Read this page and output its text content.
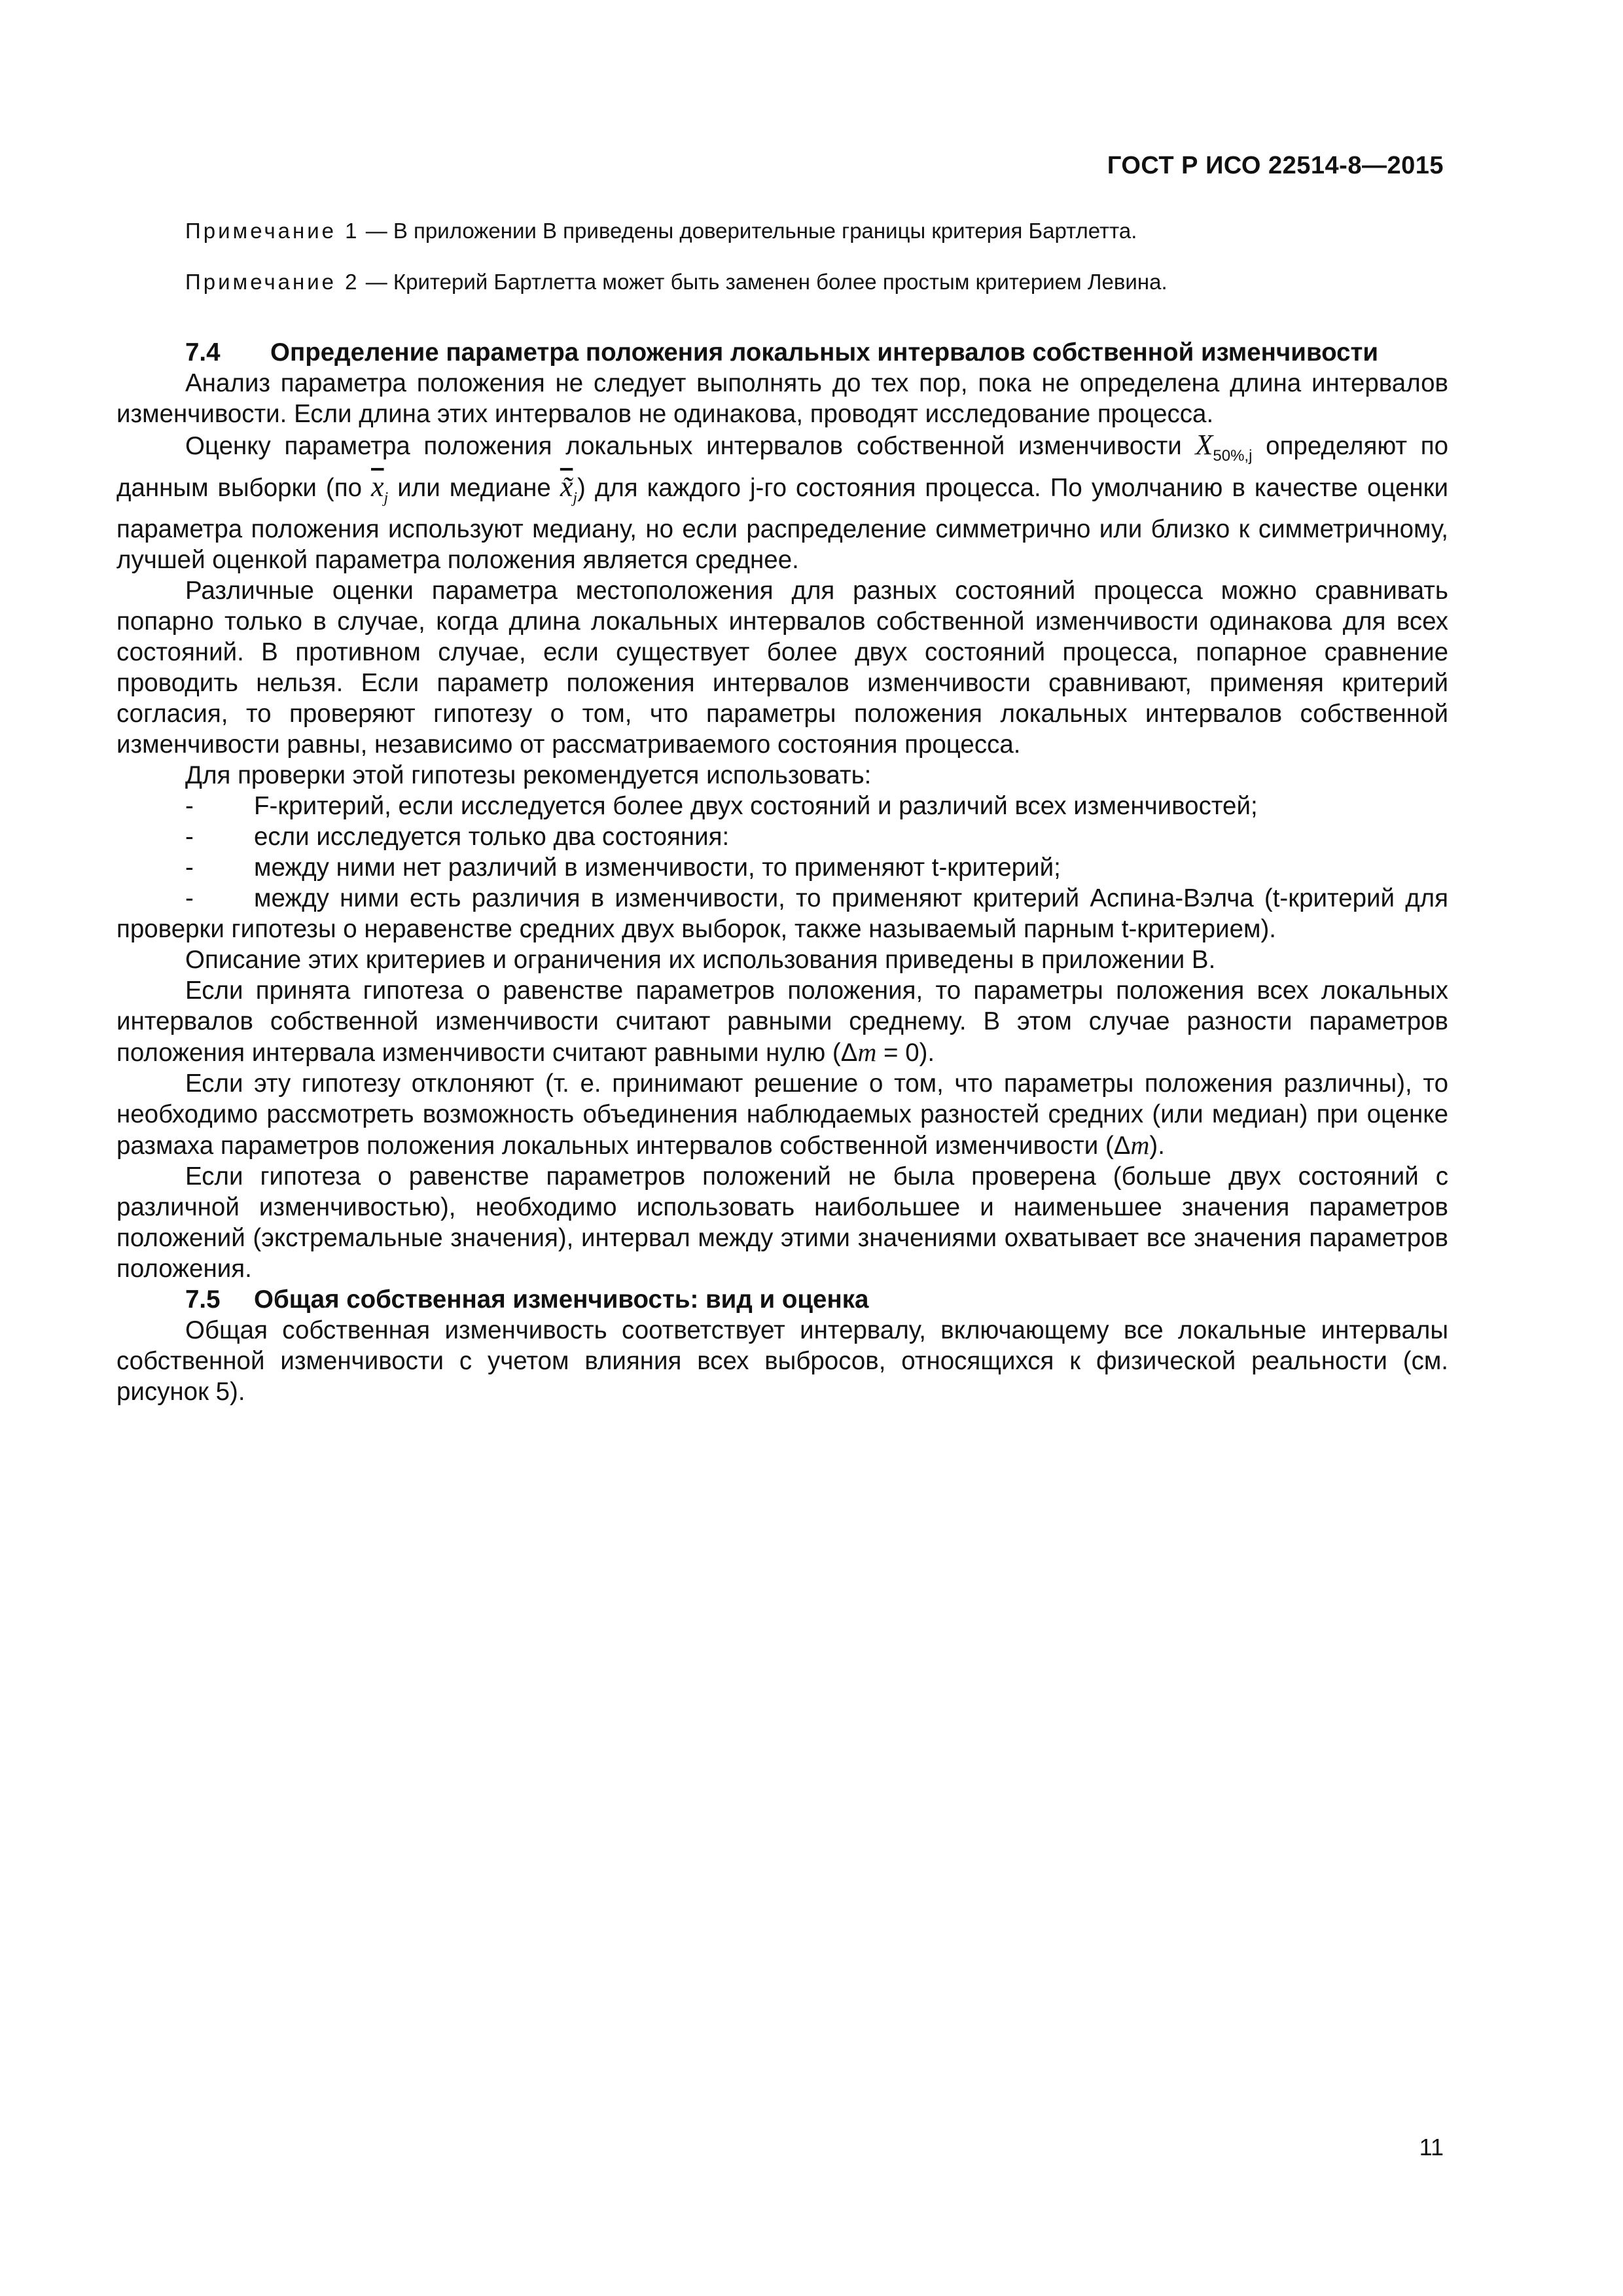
ГОСТ Р ИСО 22514-8—2015

Примечание 1 — В приложении В приведены доверительные границы критерия Бартлетта.

Примечание 2 — Критерий Бартлетта может быть заменен более простым критерием Левина.

7.4 Определение параметра положения локальных интервалов собственной изменчивости

Анализ параметра положения не следует выполнять до тех пор, пока не определена длина интервалов изменчивости. Если длина этих интервалов не одинакова, проводят исследование процесса.

Оценку параметра положения локальных интервалов собственной изменчивости $X_{50\%,j}$ определяют по данным выборки (по $\overline{x}_j$ или медиане $x̃_j$) для каждого j-го состояния процесса. По умолчанию в качестве оценки параметра положения используют медиану, но если распределение симметрично или близко к симметричному, лучшей оценкой параметра положения является среднее.

Различные оценки параметра местоположения для разных состояний процесса можно сравнивать попарно только в случае, когда длина локальных интервалов собственной изменчивости одинакова для всех состояний. В противном случае, если существует более двух состояний процесса, попарное сравнение проводить нельзя. Если параметр положения интервалов изменчивости сравнивают, применяя критерий согласия, то проверяют гипотезу о том, что параметры положения локальных интервалов собственной изменчивости равны, независимо от рассматриваемого состояния процесса.

Для проверки этой гипотезы рекомендуется использовать:

- F-критерий, если исследуется более двух состояний и различий всех изменчивостей;

- если исследуется только два состояния:

- между ними нет различий в изменчивости, то применяют t-критерий;

- между ними есть различия в изменчивости, то применяют критерий Аспина-Вэлча (t-критерий для проверки гипотезы о неравенстве средних двух выборок, также называемый парным t-критерием).

Описание этих критериев и ограничения их использования приведены в приложении В.

Если принята гипотеза о равенстве параметров положения, то параметры положения всех локальных интервалов собственной изменчивости считают равными среднему. В этом случае разности параметров положения интервала изменчивости считают равными нулю (Δm = 0).

Если эту гипотезу отклоняют (т. е. принимают решение о том, что параметры положения различны), то необходимо рассмотреть возможность объединения наблюдаемых разностей средних (или медиан) при оценке размаха параметров положения локальных интервалов собственной изменчивости (Δm).

Если гипотеза о равенстве параметров положений не была проверена (больше двух состояний с различной изменчивостью), необходимо использовать наибольшее и наименьшее значения параметров положений (экстремальные значения), интервал между этими значениями охватывает все значения параметров положения.

7.5 Общая собственная изменчивость: вид и оценка

Общая собственная изменчивость соответствует интервалу, включающему все локальные интервалы собственной изменчивости с учетом влияния всех выбросов, относящихся к физической реальности (см. рисунок 5).

11
